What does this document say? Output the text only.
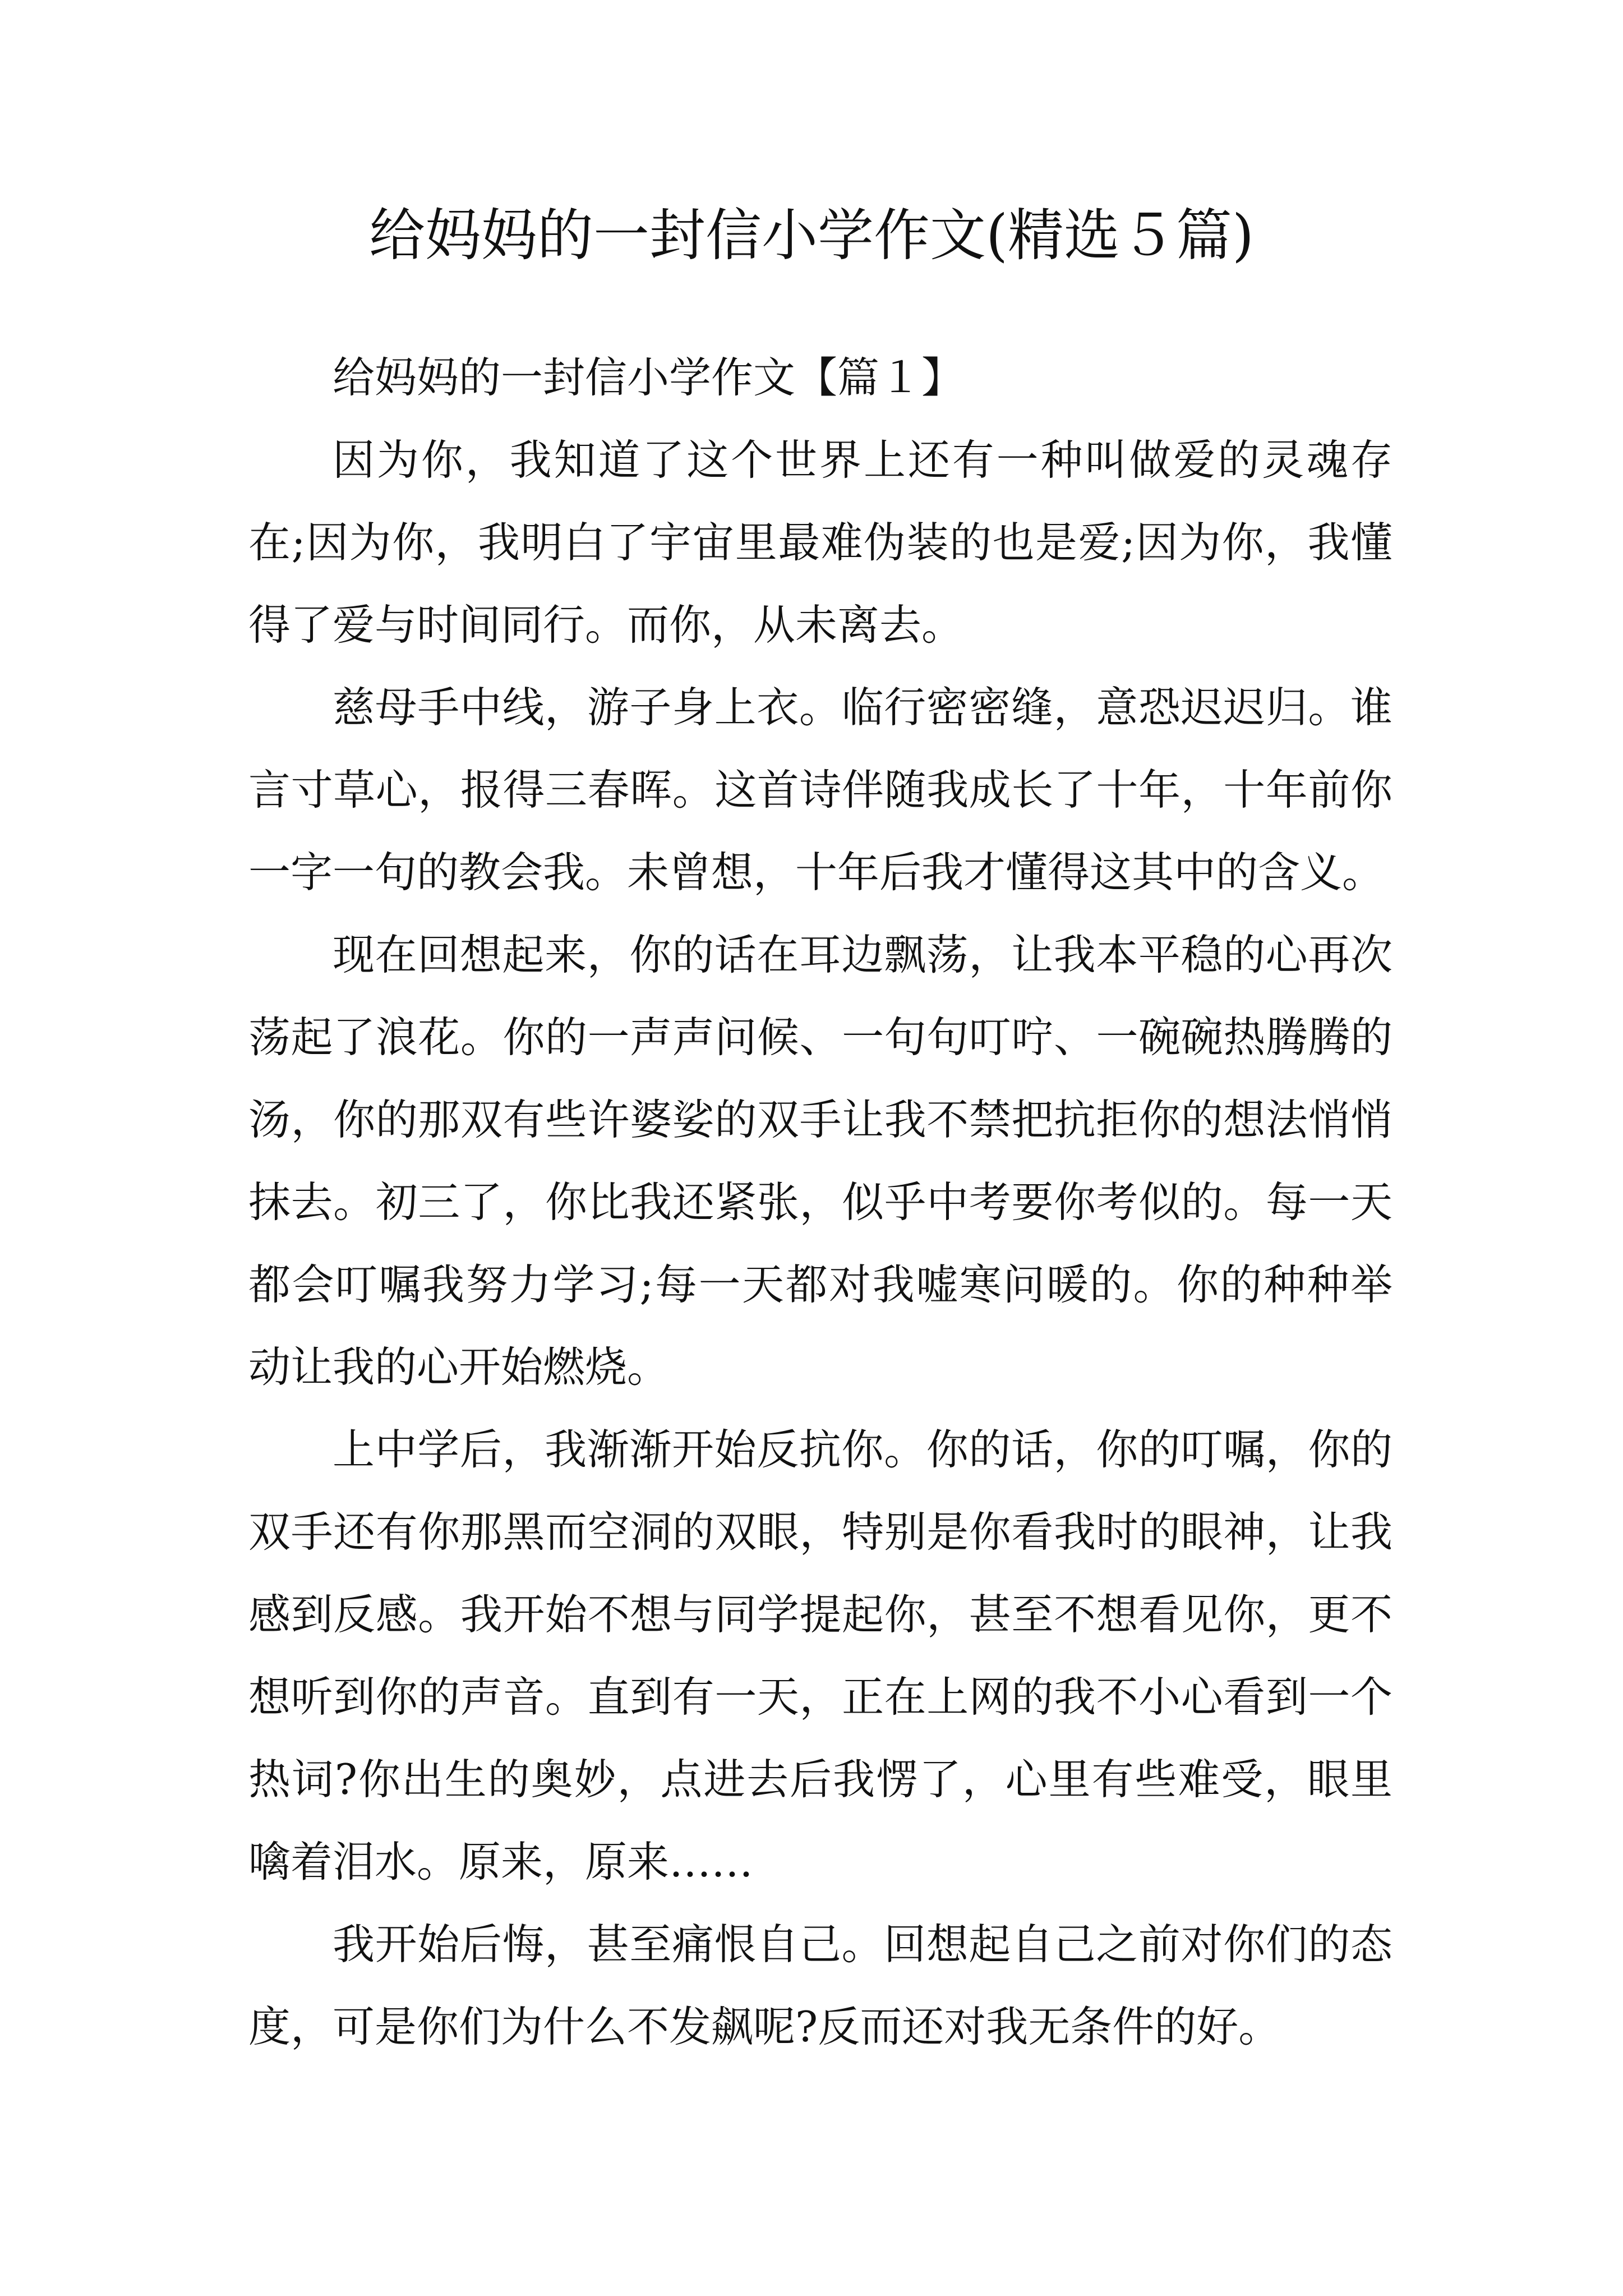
给妈妈的一封信小学作文(精选５篇)

给妈妈的一封信小学作文【篇１】

因为你，我知道了这个世界上还有一种叫做爱的灵魂存在;因为你，我明白了宇宙里最难伪装的也是爱;因为你，我懂得了爱与时间同行。而你，从未离去。

慈母手中线，游子身上衣。临行密密缝，意恐迟迟归。谁言寸草心，报得三春晖。这首诗伴随我成长了十年，十年前你一字一句的教会我。未曾想，十年后我才懂得这其中的含义。

现在回想起来，你的话在耳边飘荡，让我本平稳的心再次荡起了浪花。你的一声声问候、一句句叮咛、一碗碗热腾腾的汤，你的那双有些许婆娑的双手让我不禁把抗拒你的想法悄悄抹去。初三了，你比我还紧张，似乎中考要你考似的。每一天都会叮嘱我努力学习;每一天都对我嘘寒问暖的。你的种种举动让我的心开始燃烧。

上中学后，我渐渐开始反抗你。你的话，你的叮嘱，你的双手还有你那黑而空洞的双眼，特别是你看我时的眼神，让我感到反感。我开始不想与同学提起你，甚至不想看见你，更不想听到你的声音。直到有一天，正在上网的我不小心看到一个热词?你出生的奥妙，点进去后我愣了，心里有些难受，眼里噙着泪水。原来，原来……

我开始后悔，甚至痛恨自己。回想起自己之前对你们的态度，可是你们为什么不发飙呢?反而还对我无条件的好。
